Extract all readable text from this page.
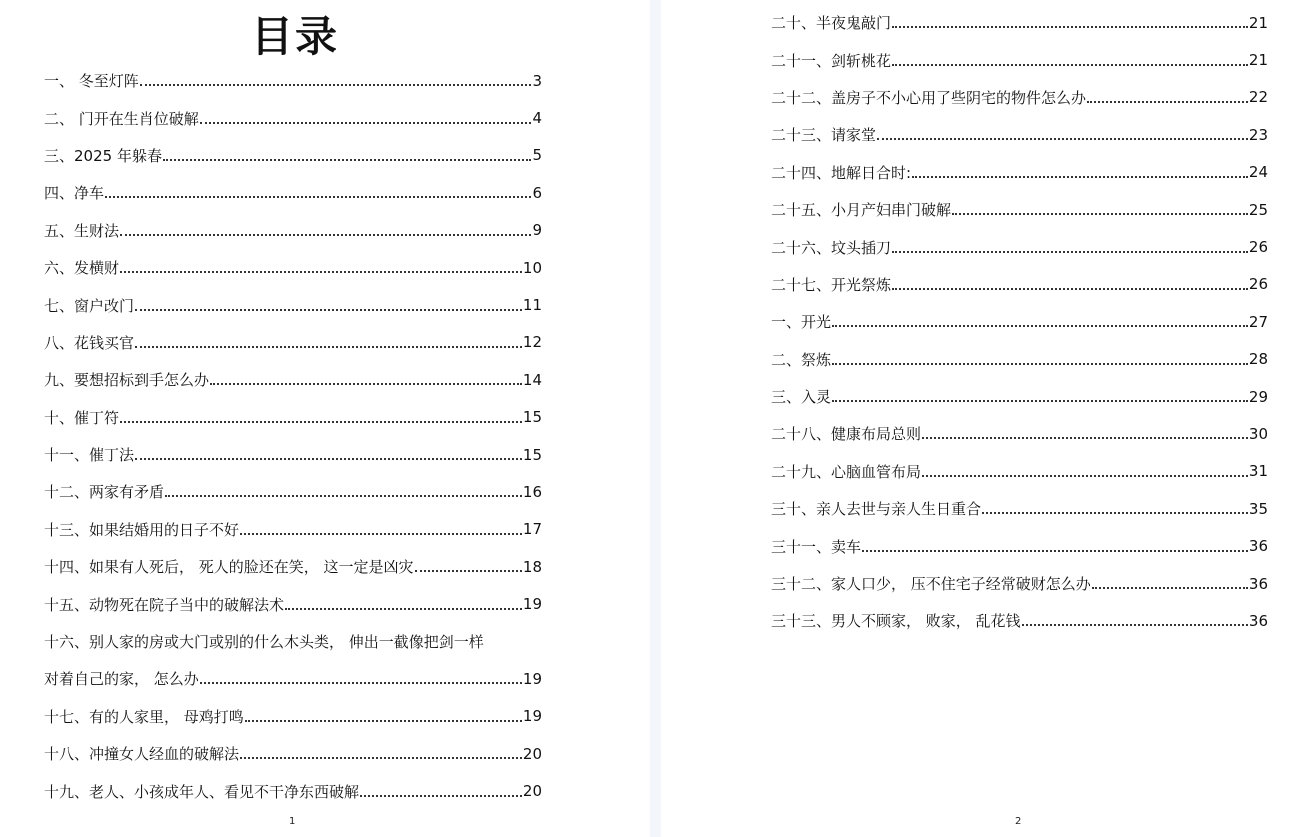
目录
一、 冬至灯阵	3
二、 门开在生肖位破解	4
三、2025 年躲春	5
四、净车	6
五、生财法	9
六、发横财	10
七、窗户改门	11
八、花钱买官	12
九、要想招标到手怎么办	14
十、催丁符	15
十一、催丁法	15
十二、两家有矛盾	16
十三、如果结婚用的日子不好	17
十四、如果有人死后， 死人的脸还在笑， 这一定是凶灾	18
十五、动物死在院子当中的破解法术	19
十六、别人家的房或大门或别的什么木头类， 伸出一截像把剑一样
对着自己的家， 怎么办	19
十七、有的人家里， 母鸡打鸣	19
十八、冲撞女人经血的破解法	20
十九、老人、小孩成年人、看见不干净东西破解	20
1
二十、半夜鬼敲门	21
二十一、剑斩桃花	21
二十二、盖房子不小心用了些阴宅的物件怎么办	22
二十三、请家堂	23
二十四、地解日合时:	24
二十五、小月产妇串门破解	25
二十六、坟头插刀	26
二十七、开光祭炼	26
一、开光	27
二、祭炼	28
三、入灵	29
二十八、健康布局总则	30
二十九、心脑血管布局	31
三十、亲人去世与亲人生日重合	35
三十一、卖车	36
三十二、家人口少， 压不住宅子经常破财怎么办	36
三十三、男人不顾家， 败家， 乱花钱	36
2
